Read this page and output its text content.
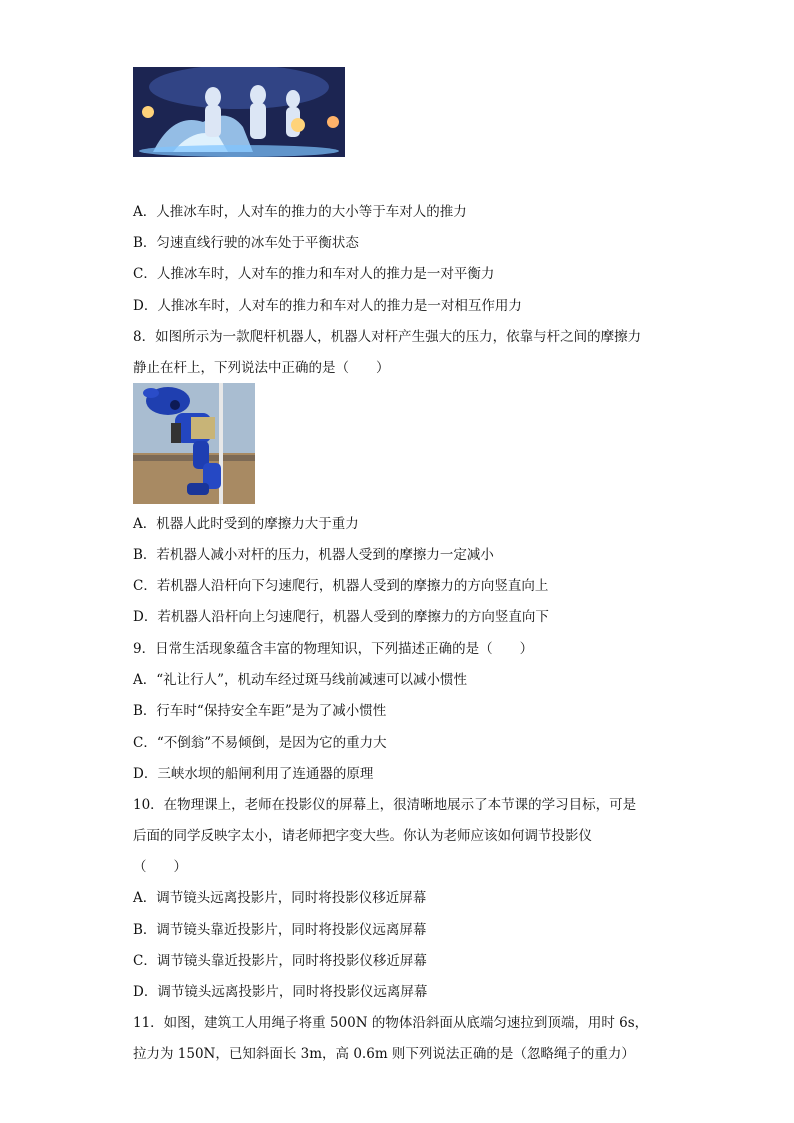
A．人推冰车时，人对车的推力的大小等于车对人的推力
B．匀速直线行驶的冰车处于平衡状态
C．人推冰车时，人对车的推力和车对人的推力是一对平衡力
D．人推冰车时，人对车的推力和车对人的推力是一对相互作用力
8．如图所示为一款爬杆机器人，机器人对杆产生强大的压力，依靠与杆之间的摩擦力
静止在杆上，下列说法中正确的是（　　）
A．机器人此时受到的摩擦力大于重力
B．若机器人减小对杆的压力，机器人受到的摩擦力一定减小
C．若机器人沿杆向下匀速爬行，机器人受到的摩擦力的方向竖直向上
D．若机器人沿杆向上匀速爬行，机器人受到的摩擦力的方向竖直向下
9．日常生活现象蕴含丰富的物理知识，下列描述正确的是（　　）
A．“礼让行人”，机动车经过斑马线前减速可以减小惯性
B．行车时“保持安全车距”是为了减小惯性
C．“不倒翁”不易倾倒，是因为它的重力大
D．三峡水坝的船闸利用了连通器的原理
10．在物理课上，老师在投影仪的屏幕上，很清晰地展示了本节课的学习目标，可是
后面的同学反映字太小，请老师把字变大些。你认为老师应该如何调节投影仪
（　　）
A．调节镜头远离投影片，同时将投影仪移近屏幕
B．调节镜头靠近投影片，同时将投影仪远离屏幕
C．调节镜头靠近投影片，同时将投影仪移近屏幕
D．调节镜头远离投影片，同时将投影仪远离屏幕
11．如图，建筑工人用绳子将重 500N 的物体沿斜面从底端匀速拉到顶端，用时 6s，
拉力为 150N，已知斜面长 3m，高 0.6m 则下列说法正确的是（忽略绳子的重力）
